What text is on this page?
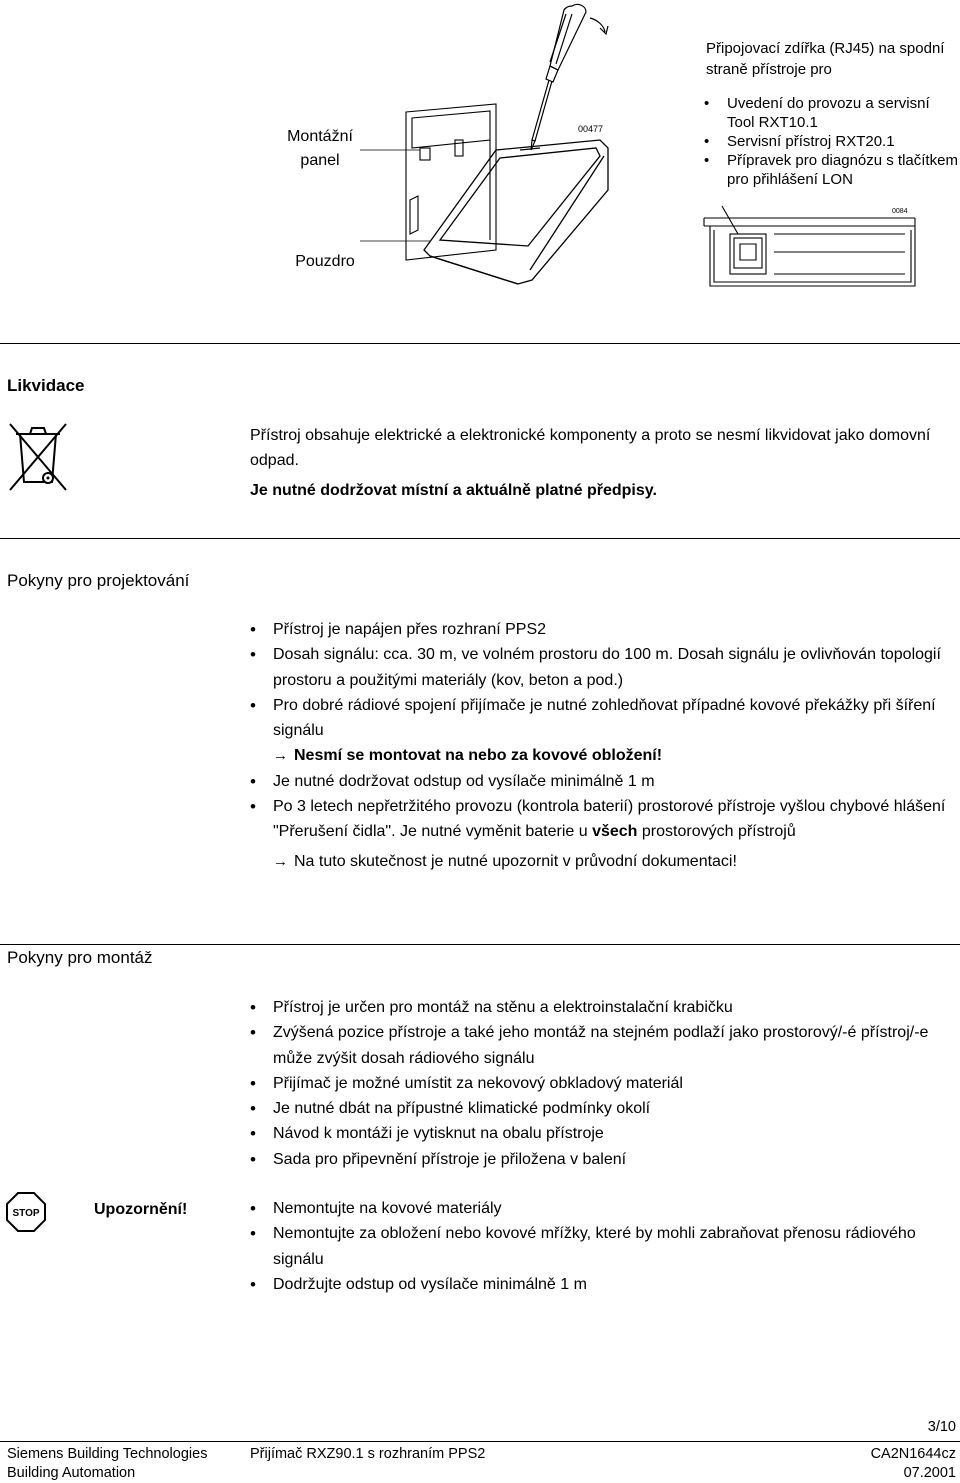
Montážní
panel
Pouzdro
00477
Připojovací zdířka (RJ45) na spodní straně přístroje pro
• Uvedení do provozu a servisní Tool RXT10.1
• Servisní přístroj RXT20.1
• Přípravek pro diagnózu s tlačítkem pro přihlášení LON
0084
Likvidace
Přístroj obsahuje elektrické a elektronické komponenty a proto se nesmí likvidovat jako domovní odpad.
Je nutné dodržovat místní a aktuálně platné předpisy.
Pokyny pro projektování
• Přístroj je napájen přes rozhraní PPS2
• Dosah signálu: cca. 30 m, ve volném prostoru do 100 m. Dosah signálu je ovlivňován topologií prostoru a použitými materiály (kov, beton a pod.)
• Pro dobré rádiové spojení přijímače je nutné zohledňovat případné kovové překážky při šíření signálu
→ Nesmí se montovat na nebo za kovové obložení!
• Je nutné dodržovat odstup od vysílače minimálně 1 m
• Po 3 letech nepřetržitého provozu (kontrola baterií) prostorové přístroje vyšlou chybové hlášení "Přerušení čidla". Je nutné vyměnit baterie u všech prostorových přístrojů
→ Na tuto skutečnost je nutné upozornit v průvodní dokumentaci!
Pokyny pro montáž
• Přístroj je určen pro montáž na stěnu a elektroinstalační krabičku
• Zvýšená pozice přístroje a také jeho montáž na stejném podlaží jako prostorový/-é přístroj/-e může zvýšit dosah rádiového signálu
• Přijímač je možné umístit za nekovový obkladový materiál
• Je nutné dbát na přípustné klimatické podmínky okolí
• Návod k montáži je vytisknut na obalu přístroje
• Sada pro připevnění přístroje je přiložena v balení
STOP	Upozornění!
•	Nemontujte na kovové materiály
• Nemontujte za obložení nebo kovové mřížky, které by mohli zabraňovat přenosu rádiového signálu
• Dodržujte odstup od vysílače minimálně 1 m
3/10
Siemens Building Technologies
Building Automation
Přijímač RXZ90.1 s rozhraním PPS2	CA2N1644cz
07.2001
